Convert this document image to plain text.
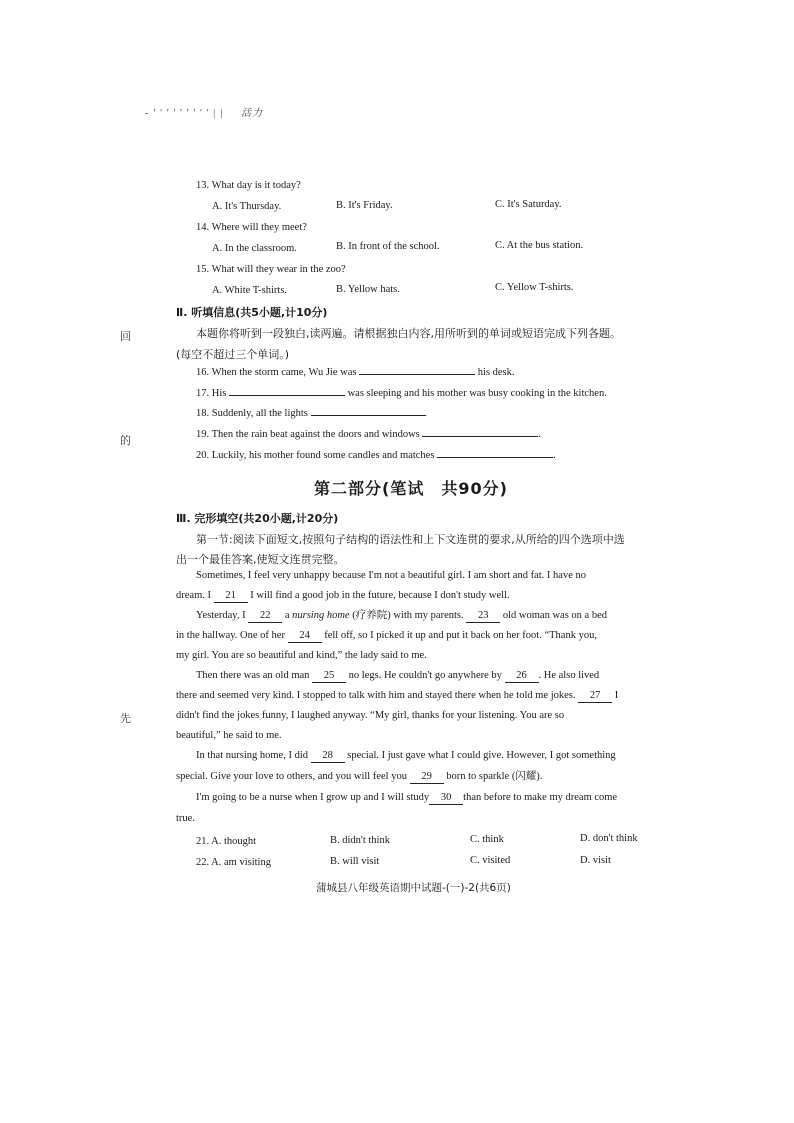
- ' ' ' ' ' ' ' ' ' | | 活力
13. What day is it today?
A. It's Thursday.	B. It's Friday.	C. It's Saturday.
14. Where will they meet?
A. In the classroom.	B. In front of the school.	C. At the bus station.
15. What will they wear in the zoo?
A. White T-shirts.	B. Yellow hats.	C. Yellow T-shirts.
Ⅱ. 听填信息(共5小题,计10分)
本题你将听到一段独白,读两遍。请根据独白内容,用所听到的单词或短语完成下列各题。
(每空不超过三个单词。)
16. When the storm came, Wu Jie was	his desk.
17. His	was sleeping and his mother was busy cooking in the kitchen.
18. Suddenly, all the lights	.
19. Then the rain beat against the doors and windows	.
20. Luckily, his mother found some candles and matches	.
第二部分(笔试　共90分)
Ⅲ. 完形填空(共20小题,计20分)
第一节:阅读下面短文,按照句子结构的语法性和上下文连贯的要求,从所给的四个选项中选
出一个最佳答案,使短文连贯完整。
Sometimes, I feel very unhappy because I'm not a beautiful girl. I am short and fat. I have no
dream. I 21 I will find a good job in the future, because I don't study well.
Yesterday, I 22 a nursing home (疗养院) with my parents. 23 old woman was on a bed
in the hallway. One of her 24 fell off, so I picked it up and put it back on her foot. “Thank you,
my girl. You are so beautiful and kind,” the lady said to me.
Then there was an old man 25 no legs. He couldn't go anywhere by 26 . He also lived
there and seemed very kind. I stopped to talk with him and stayed there when he told me jokes. 27 I
didn't find the jokes funny, I laughed anyway. “My girl, thanks for your listening. You are so
beautiful,” he said to me.
In that nursing home, I did 28 special. I just gave what I could give. However, I got something
special. Give your love to others, and you will feel you 29 born to sparkle (闪耀).
I'm going to be a nurse when I grow up and I will study 30 than before to make my dream come
true.
21. A. thought	B. didn't think	C. think	D. don't think
22. A. am visiting	B. will visit	C. visited	D. visit
回
的
先
蒲城县八年级英语期中试题-(一)-2(共6页)
